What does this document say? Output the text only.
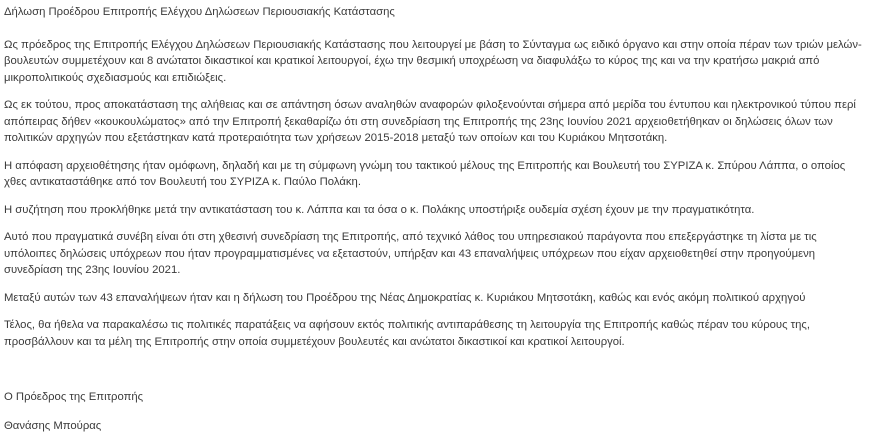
Δήλωση Προέδρου Επιτροπής Ελέγχου Δηλώσεων Περιουσιακής Κατάστασης

Ως πρόεδρος της Επιτροπής Ελέγχου Δηλώσεων Περιουσιακής Κατάστασης που λειτουργεί με βάση το Σύνταγμα ως ειδικό όργανο και στην οποία πέραν των τριών μελών-βουλευτών συμμετέχουν και 8 ανώτατοι δικαστικοί και κρατικοί λειτουργοί, έχω την θεσμική υποχρέωση να διαφυλάξω το κύρος της και να την κρατήσω μακριά από μικροπολιτικούς σχεδιασμούς και επιδιώξεις.

Ως εκ τούτου, προς αποκατάσταση της αλήθειας και σε απάντηση όσων αναληθών αναφορών φιλοξενούνται σήμερα από μερίδα του έντυπου και ηλεκτρονικού τύπου περί απόπειρας δήθεν «κουκουλώματος» από την Επιτροπή ξεκαθαρίζω ότι στη συνεδρίαση της Επιτροπής της 23ης Ιουνίου 2021 αρχειοθετήθηκαν οι δηλώσεις όλων των πολιτικών αρχηγών που εξετάστηκαν κατά προτεραιότητα των χρήσεων 2015-2018 μεταξύ των οποίων και του Κυριάκου Μητσοτάκη.

Η απόφαση αρχειοθέτησης ήταν ομόφωνη, δηλαδή και με τη σύμφωνη γνώμη του τακτικού μέλους της Επιτροπής και Βουλευτή του ΣΥΡΙΖΑ κ. Σπύρου Λάππα, ο οποίος χθες αντικαταστάθηκε από τον Βουλευτή του ΣΥΡΙΖΑ κ. Παύλο Πολάκη.

Η συζήτηση που προκλήθηκε μετά την αντικατάσταση του κ. Λάππα και τα όσα ο κ. Πολάκης υποστήριξε ουδεμία σχέση έχουν με την πραγματικότητα.

Αυτό που πραγματικά συνέβη είναι ότι στη χθεσινή συνεδρίαση της Επιτροπής, από τεχνικό λάθος του υπηρεσιακού παράγοντα που επεξεργάστηκε τη λίστα με τις υπόλοιπες δηλώσεις υπόχρεων που ήταν προγραμματισμένες να εξεταστούν, υπήρξαν και 43 επαναλήψεις υπόχρεων που είχαν αρχειοθετηθεί στην προηγούμενη συνεδρίαση της 23ης Ιουνίου 2021.

Μεταξύ αυτών των 43 επαναλήψεων ήταν και η δήλωση του Προέδρου της Νέας Δημοκρατίας κ. Κυριάκου Μητσοτάκη, καθώς και ενός ακόμη πολιτικού αρχηγού

Τέλος, θα ήθελα να παρακαλέσω τις πολιτικές παρατάξεις να αφήσουν εκτός πολιτικής αντιπαράθεσης τη λειτουργία της Επιτροπής καθώς πέραν του κύρους της, προσβάλλουν και τα μέλη της Επιτροπής στην οποία συμμετέχουν βουλευτές και ανώτατοι δικαστικοί και κρατικοί λειτουργοί.

Ο Πρόεδρος της Επιτροπής

Θανάσης Μπούρας
